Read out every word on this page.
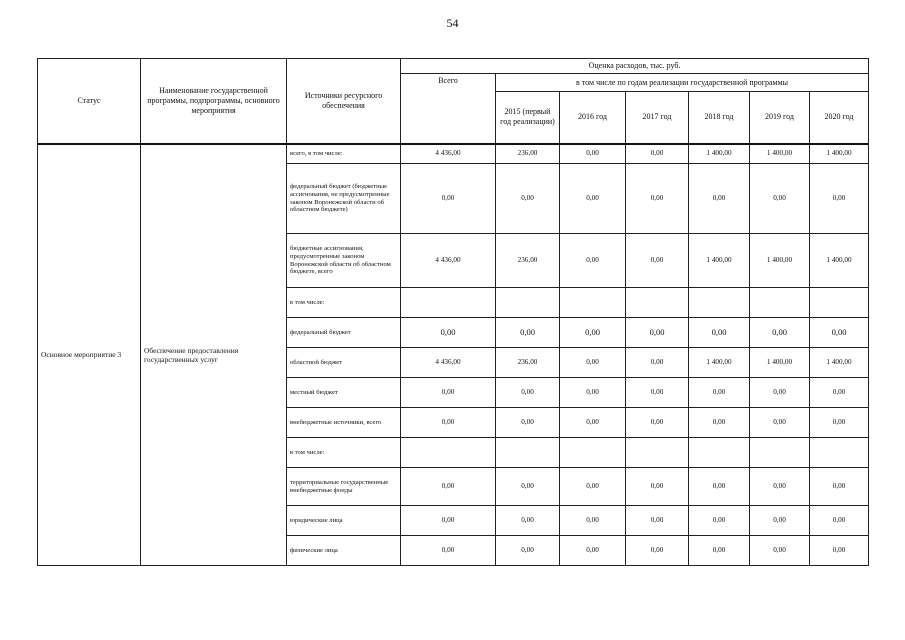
54
Статус	Наименование государственной программы, подпрограммы, основного мероприятия	Источники ресурсного обеспечения	Оценка расходов, тыс. руб.						
			Всего	в том числе по годам реализации государственной программы					
				2015 (первый год реализации)	2016 год	2017 год	2018 год	2019 год	2020 год
Основное мероприятие 3	Обеспечение предоставления государственных услуг	всего, в том числе:	4 436,00	236,00	0,00	0,00	1 400,00	1 400,00	1 400,00
		федеральный бюджет (бюджетные ассигнования, не предусмотренные законом Воронежской области об областном бюджете)	0,00	0,00	0,00	0,00	0,00	0,00	0,00
		бюджетные ассигнования, предусмотренные законом Воронежской области об областном бюджете, всего	4 436,00	236,00	0,00	0,00	1 400,00	1 400,00	1 400,00
		в том числе:							
		федеральный бюджет	0,00	0,00	0,00	0,00	0,00	0,00	0,00
		областной бюджет	4 436,00	236,00	0,00	0,00	1 400,00	1 400,00	1 400,00
		местный бюджет	0,00	0,00	0,00	0,00	0,00	0,00	0,00
		внебюджетные источники, всего	0,00	0,00	0,00	0,00	0,00	0,00	0,00
		в том числе:							
		территориальные государственные внебюджетные фонды	0,00	0,00	0,00	0,00	0,00	0,00	0,00
		юридические лица	0,00	0,00	0,00	0,00	0,00	0,00	0,00
		физические лица	0,00	0,00	0,00	0,00	0,00	0,00	0,00
